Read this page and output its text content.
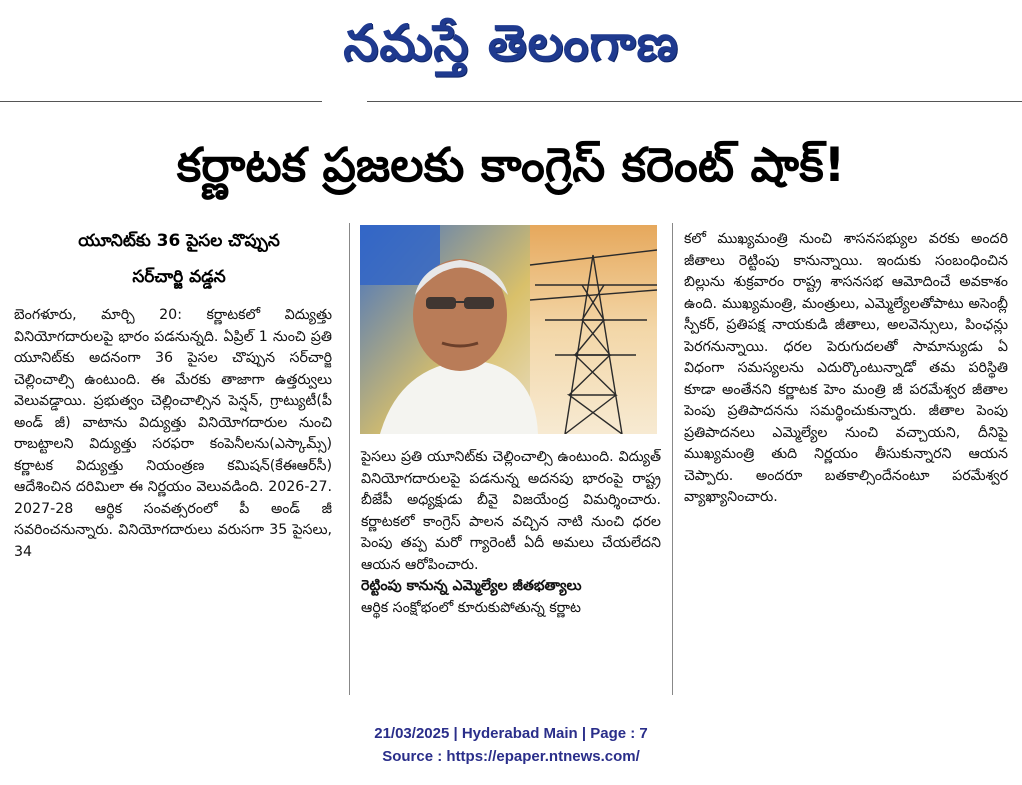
నమస్తే తెలంగాణ
కర్ణాటక ప్రజలకు కాంగ్రెస్ కరెంట్ షాక్!
యూనిట్‌కు 36 పైసల చొప్పున
సర్‌చార్జి వడ్డన

బెంగళూరు, మార్చి 20: కర్ణాటకలో విద్యుత్తు వినియోగదారులపై భారం పడనున్నది. ఏప్రిల్ 1 నుంచి ప్రతి యూనిట్‌కు అదనంగా 36 పైసల చొప్పున సర్‌చార్జి చెల్లించాల్సి ఉంటుంది. ఈ మేరకు తాజాగా ఉత్తర్వులు వెలువడ్డాయి. ప్రభుత్వం చెల్లించాల్సిన పెన్షన్, గ్రాట్యుటీ(పీ అండ్ జీ) వాటాను విద్యుత్తు వినియోగదారుల నుంచి రాబట్టాలని విద్యుత్తు సరఫరా కంపెనీలను(ఎస్కామ్స్) కర్ణాటక విద్యుత్తు నియంత్రణ కమిషన్(కేఈఆర్‌సీ) ఆదేశించిన దరిమిలా ఈ నిర్ణయం వెలువడింది. 2026-27. 2027-28 ఆర్థిక సంవత్సరంలో పీ అండ్ జీ సవరించనున్నారు. వినియోగదారులు వరుసగా 35 పైసలు, 34

పైసలు ప్రతి యూనిట్‌కు చెల్లించాల్సి ఉంటుంది. విద్యుత్ వినియోగదారులపై పడనున్న అదనపు భారంపై రాష్ట్ర బీజేపీ అధ్యక్షుడు బీవై విజయేంద్ర విమర్శించారు. కర్ణాటకలో కాంగ్రెస్ పాలన వచ్చిన నాటి నుంచి ధరల పెంపు తప్ప మరో గ్యారెంటీ ఏదీ అమలు చేయలేదని ఆయన ఆరోపించారు.

రెట్టింపు కానున్న ఎమ్మెల్యేల జీతభత్యాలు

ఆర్థిక సంక్షోభంలో కూరుకుపోతున్న కర్ణాట

కలో ముఖ్యమంత్రి నుంచి శాసనసభ్యుల వరకు అందరి జీతాలు రెట్టింపు కానున్నాయి. ఇందుకు సంబంధించిన బిల్లును శుక్రవారం రాష్ట్ర శాసనసభ ఆమోదించే అవకాశం ఉంది. ముఖ్యమంత్రి, మంత్రులు, ఎమ్మెల్యేలతోపాటు అసెంబ్లీ స్పీకర్, ప్రతిపక్ష నాయకుడి జీతాలు, అలవెన్సులు, పింఛన్లు పెరగనున్నాయి. ధరల పెరుగుదలతో సామాన్యుడు ఏ విధంగా సమస్యలను ఎదుర్కొంటున్నాడో తమ పరిస్థితి కూడా అంతేనని కర్ణాటక హెం మంత్రి జీ పరమేశ్వర జీతాల పెంపు ప్రతిపాదనను సమర్థించుకున్నారు. జీతాల పెంపు ప్రతిపాదనలు ఎమ్మెల్యేల నుంచి వచ్చాయని, దీనిపై ముఖ్యమంత్రి తుది నిర్ణయం తీసుకున్నారని ఆయన చెప్పారు. అందరూ బతకాల్సిందేనంటూ పరమేశ్వర వ్యాఖ్యానించారు.

21/03/2025 | Hyderabad Main | Page : 7
Source : https://epaper.ntnews.com/
